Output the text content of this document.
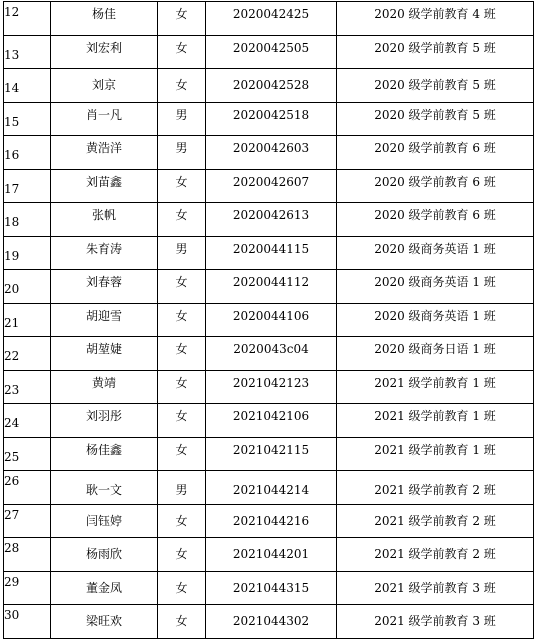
12	杨佳	女	2020042425	2020 级学前教育 4 班
13	刘宏利	女	2020042505	2020 级学前教育 5 班
14	刘京	女	2020042528	2020 级学前教育 5 班
15	肖一凡	男	2020042518	2020 级学前教育 5 班
16	黄浩洋	男	2020042603	2020 级学前教育 6 班
17	刘苗鑫	女	2020042607	2020 级学前教育 6 班
18	张帆	女	2020042613	2020 级学前教育 6 班
19	朱育涛	男	2020044115	2020 级商务英语 1 班
20	刘春蓉	女	2020044112	2020 级商务英语 1 班
21	胡迎雪	女	2020044106	2020 级商务英语 1 班
22	胡堃婕	女	2020043c04	2020 级商务日语 1 班
23	黄靖	女	2021042123	2021 级学前教育 1 班
24	刘羽彤	女	2021042106	2021 级学前教育 1 班
25	杨佳鑫	女	2021042115	2021 级学前教育 1 班
26	耿一文	男	2021044214	2021 级学前教育 2 班
27	闫钰婷	女	2021044216	2021 级学前教育 2 班
28	杨雨欣	女	2021044201	2021 级学前教育 2 班
29	董金凤	女	2021044315	2021 级学前教育 3 班
30	梁旺欢	女	2021044302	2021 级学前教育 3 班
